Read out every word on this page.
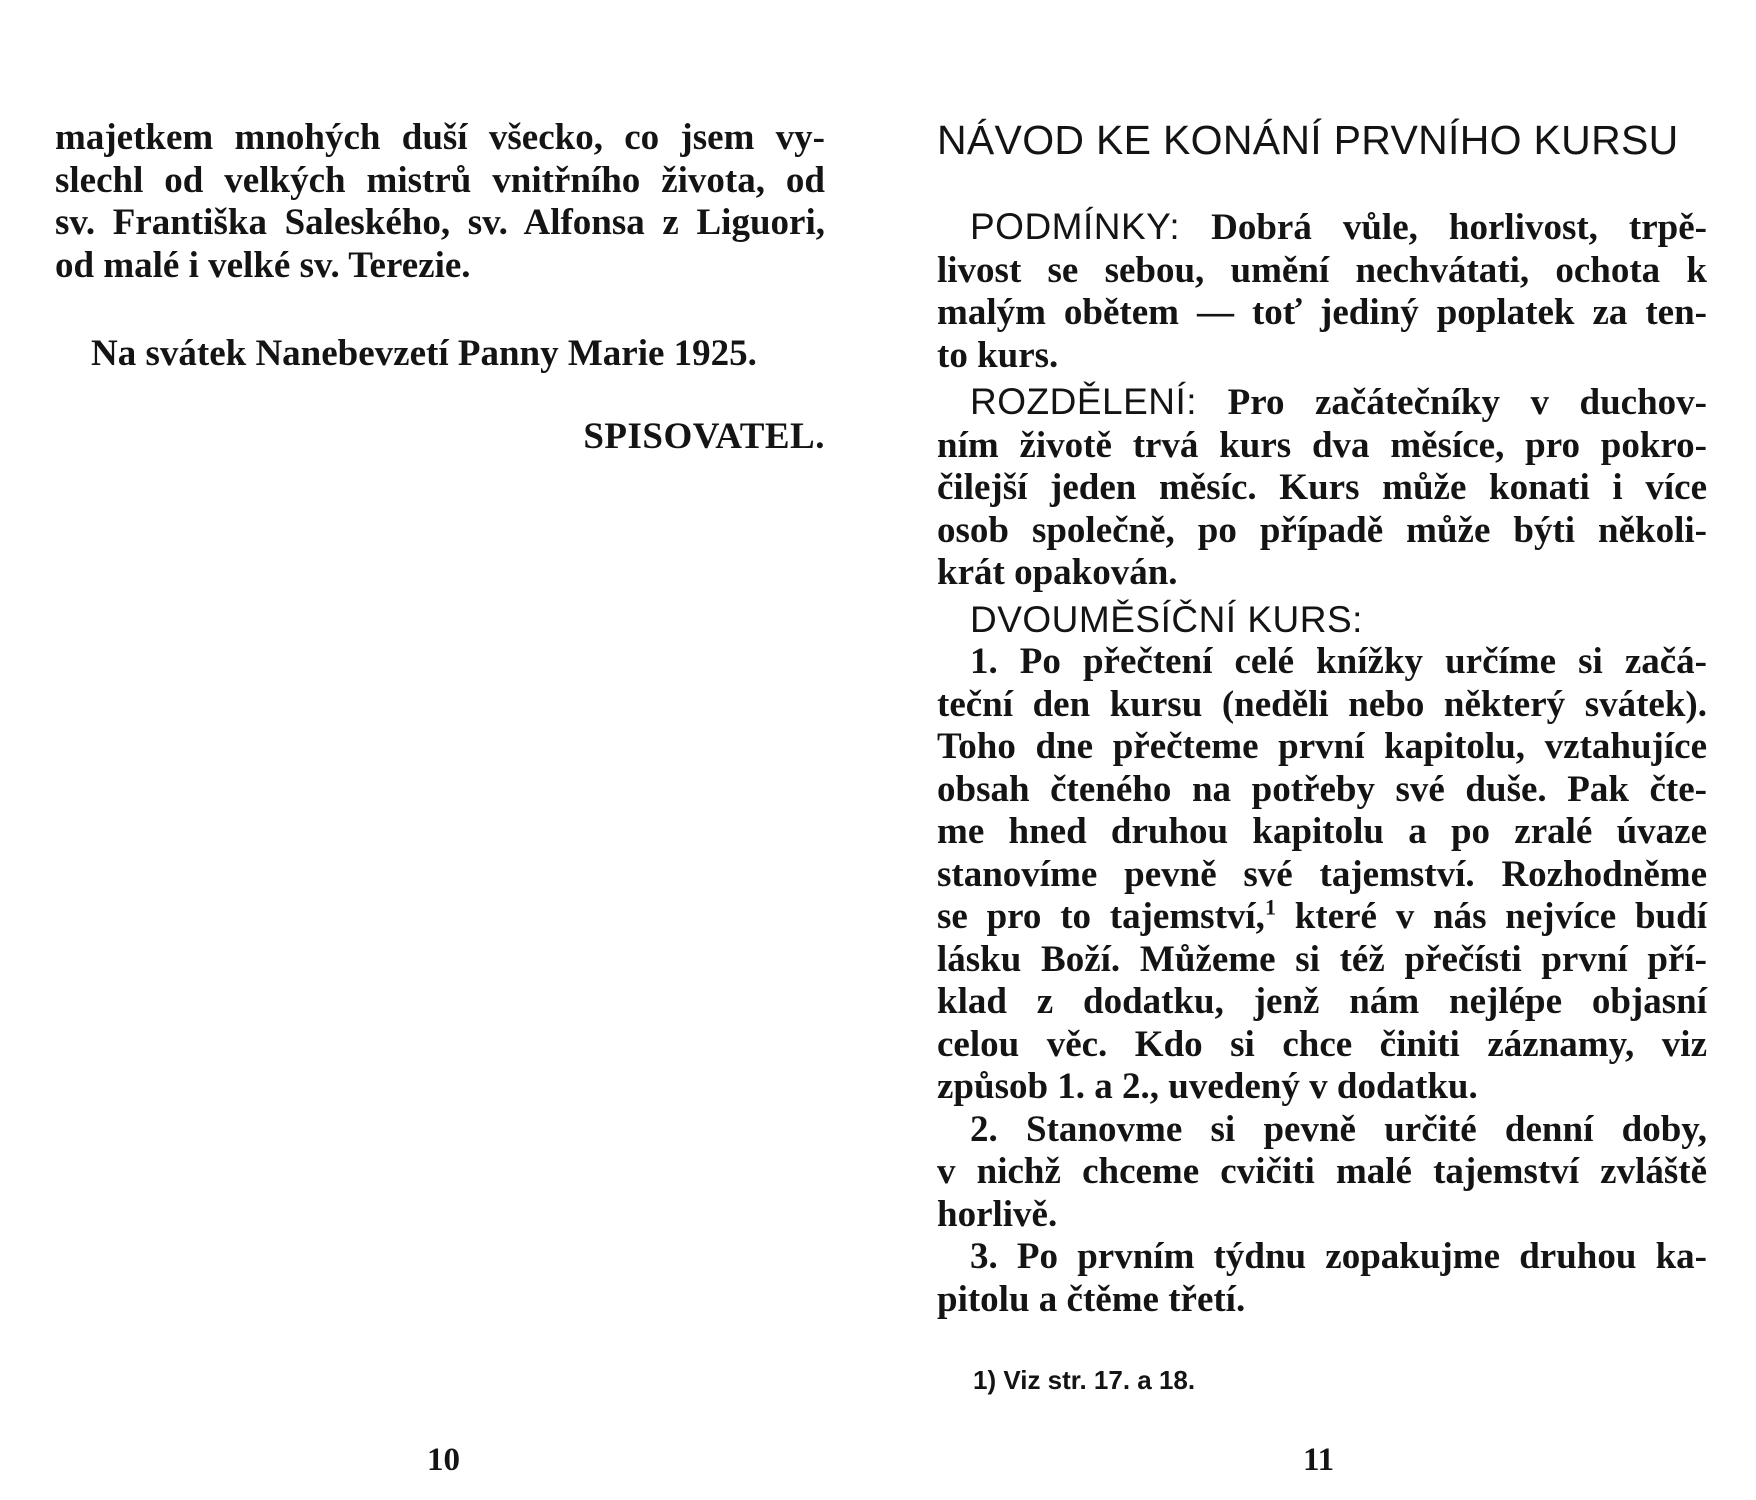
majetkem mnohých duší všecko, co jsem vy-
slechl od velkých mistrů vnitřního života, od
sv. Františka Saleského, sv. Alfonsa z Liguori,
od malé i velké sv. Terezie.
Na svátek Nanebevzetí Panny Marie 1925.
SPISOVATEL.
10
NÁVOD KE KONÁNÍ PRVNÍHO KURSU
PODMÍNKY: Dobrá vůle, horlivost, trpě-
livost se sebou, umění nechvátati, ochota k
malým obětem — toť jediný poplatek za ten-
to kurs.
ROZDĚLENÍ: Pro začátečníky v duchov-
ním životě trvá kurs dva měsíce, pro pokro-
čilejší jeden měsíc. Kurs může konati i více
osob společně, po případě může býti několi-
krát opakován.
DVOUMĚSÍČNÍ KURS:
1. Po přečtení celé knížky určíme si začá-
teční den kursu (neděli nebo některý svátek).
Toho dne přečteme první kapitolu, vztahujíce
obsah čteného na potřeby své duše. Pak čte-
me hned druhou kapitolu a po zralé úvaze
stanovíme pevně své tajemství. Rozhodněme
se pro to tajemství,$^1$ které v nás nejvíce budí
lásku Boží. Můžeme si též přečísti první pří-
klad z dodatku, jenž nám nejlépe objasní
celou věc. Kdo si chce činiti záznamy, viz
způsob 1. a 2., uvedený v dodatku.
2. Stanovme si pevně určité denní doby,
v nichž chceme cvičiti malé tajemství zvláště
horlivě.
3. Po prvním týdnu zopakujme druhou ka-
pitolu a čtěme třetí.
1) Viz str. 17. a 18.
11
